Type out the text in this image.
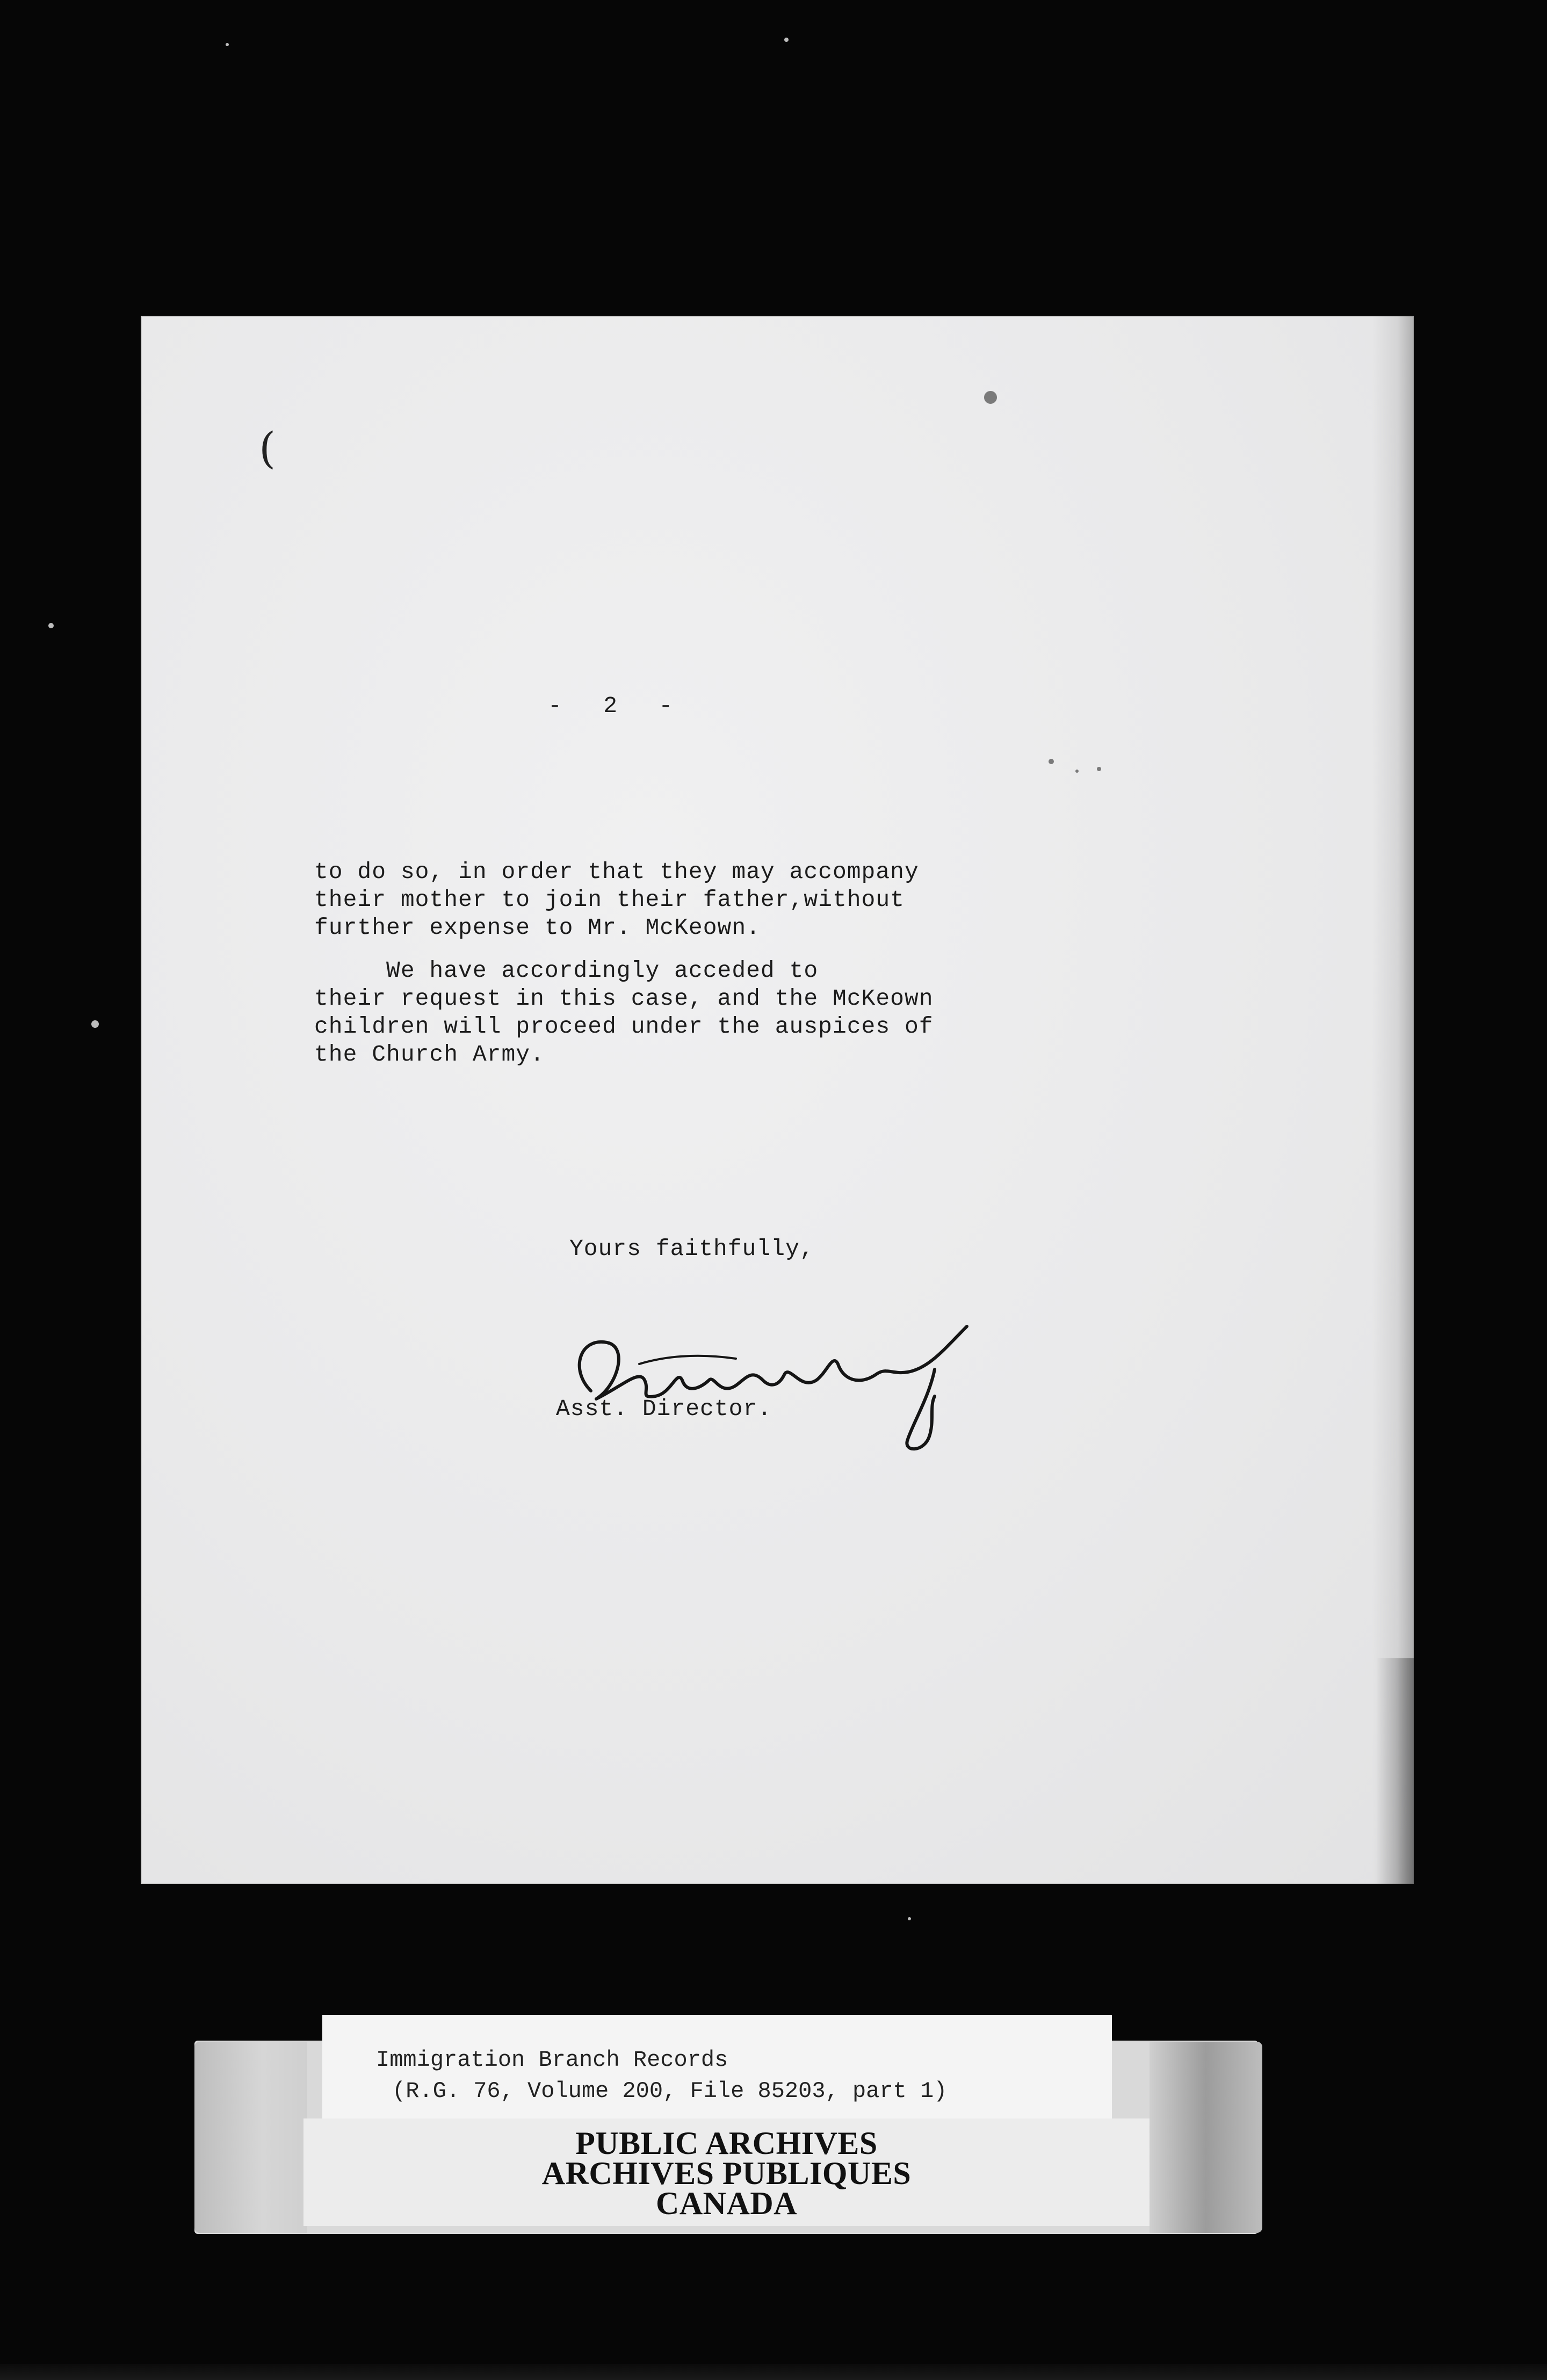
(
-   2   -

to do so, in order that they may accompany

their mother to join their father,without

further expense to Mr. McKeown.

We have accordingly acceded to

their request in this case, and the McKeown

children will proceed under the auspices of

the Church Army.

Yours faithfully,
Asst. Director.
Immigration Branch Records
(R.G. 76, Volume 200, File 85203, part 1)
PUBLIC ARCHIVES
ARCHIVES PUBLIQUES
CANADA
